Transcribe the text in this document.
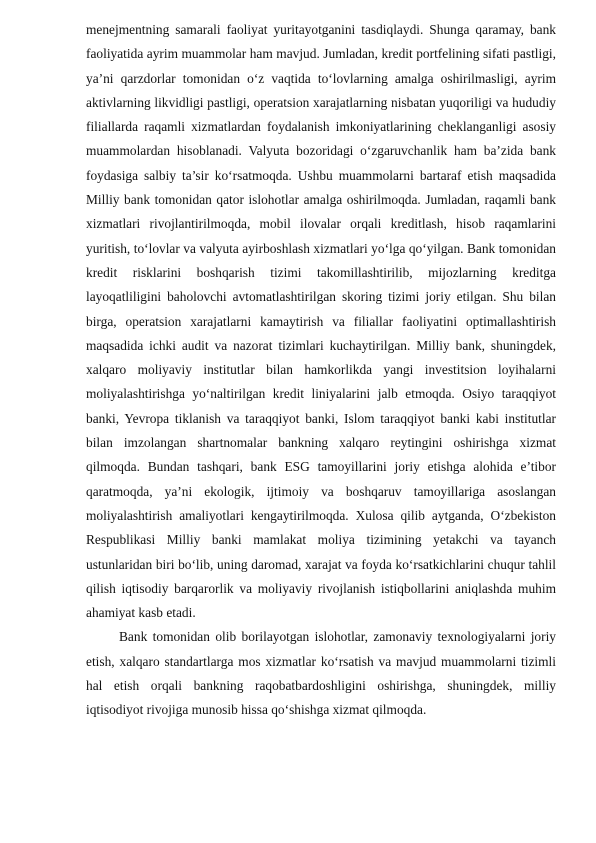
menejmentning samarali faoliyat yuritayotganini tasdiqlaydi. Shunga qaramay, bank faoliyatida ayrim muammolar ham mavjud. Jumladan, kredit portfelining sifati pastligi, ya’ni qarzdorlar tomonidan o‘z vaqtida to‘lovlarning amalga oshirilmasligi, ayrim aktivlarning likvidligi pastligi, operatsion xarajatlarning nisbatan yuqoriligi va hududiy filiallarda raqamli xizmatlardan foydalanish imkoniyatlarining cheklanganligi asosiy muammolardan hisoblanadi. Valyuta bozoridagi o‘zgaruvchanlik ham ba’zida bank foydasiga salbiy ta’sir ko‘rsatmoqda. Ushbu muammolarni bartaraf etish maqsadida Milliy bank tomonidan qator islohotlar amalga oshirilmoqda. Jumladan, raqamli bank xizmatlari rivojlantirilmoqda, mobil ilovalar orqali kreditlash, hisob raqamlarini yuritish, to‘lovlar va valyuta ayirboshlash xizmatlari yo‘lga qo‘yilgan. Bank tomonidan kredit risklarini boshqarish tizimi takomillashtirilib, mijozlarning kreditga layoqatliligini baholovchi avtomatlashtirilgan skoring tizimi joriy etilgan. Shu bilan birga, operatsion xarajatlarni kamaytirish va filiallar faoliyatini optimallashtirish maqsadida ichki audit va nazorat tizimlari kuchaytirilgan. Milliy bank, shuningdek, xalqaro moliyaviy institutlar bilan hamkorlikda yangi investitsion loyihalarni moliyalashtirishga yo‘naltirilgan kredit liniyalarini jalb etmoqda. Osiyo taraqqiyot banki, Yevropa tiklanish va taraqqiyot banki, Islom taraqqiyot banki kabi institutlar bilan imzolangan shartnomalar bankning xalqaro reytingini oshirishga xizmat qilmoqda. Bundan tashqari, bank ESG tamoyillarini joriy etishga alohida e’tibor qaratmoqda, ya’ni ekologik, ijtimoiy va boshqaruv tamoyillariga asoslangan moliyalashtirish amaliyotlari kengaytirilmoqda. Xulosa qilib aytganda, O‘zbekiston Respublikasi Milliy banki mamlakat moliya tizimining yetakchi va tayanch ustunlaridan biri bo‘lib, uning daromad, xarajat va foyda ko‘rsatkichlarini chuqur tahlil qilish iqtisodiy barqarorlik va moliyaviy rivojlanish istiqbollarini aniqlashda muhim ahamiyat kasb etadi.

Bank tomonidan olib borilayotgan islohotlar, zamonaviy texnologiyalarni joriy etish, xalqaro standartlarga mos xizmatlar ko‘rsatish va mavjud muammolarni tizimli hal etish orqali bankning raqobatbardoshligini oshirishga, shuningdek, milliy iqtisodiyot rivojiga munosib hissa qo‘shishga xizmat qilmoqda.
